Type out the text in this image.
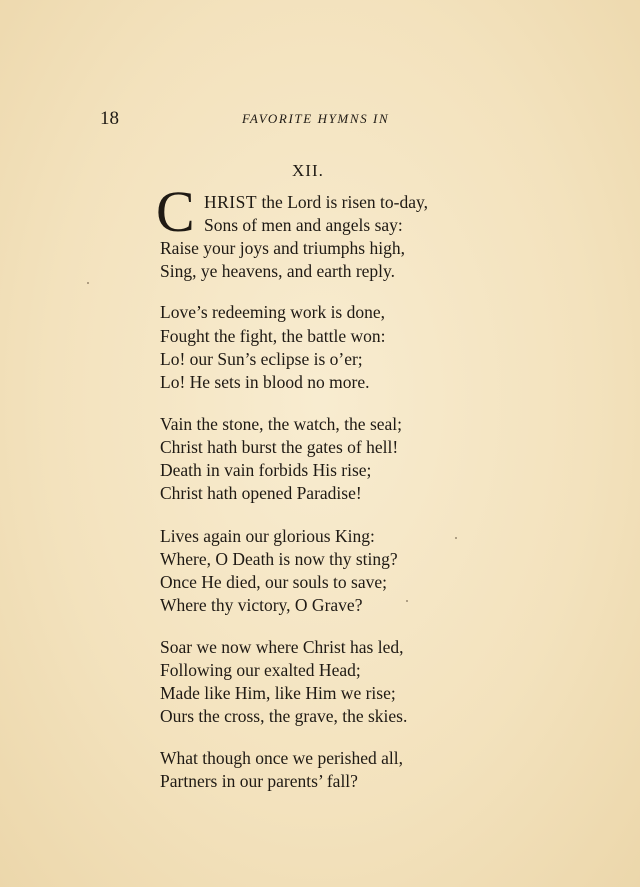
18	FAVORITE HYMNS IN
XII.
C HRIST the Lord is risen to-day,
Sons of men and angels say:
Raise your joys and triumphs high,
Sing, ye heavens, and earth reply.
Love’s redeeming work is done,
Fought the fight, the battle won:
Lo! our Sun’s eclipse is o’er;
Lo! He sets in blood no more.
Vain the stone, the watch, the seal;
Christ hath burst the gates of hell!
Death in vain forbids His rise;
Christ hath opened Paradise!
Lives again our glorious King:
Where, O Death is now thy sting?
Once He died, our souls to save;
Where thy victory, O Grave?
Soar we now where Christ has led,
Following our exalted Head;
Made like Him, like Him we rise;
Ours the cross, the grave, the skies.
What though once we perished all,
Partners in our parents’ fall?
